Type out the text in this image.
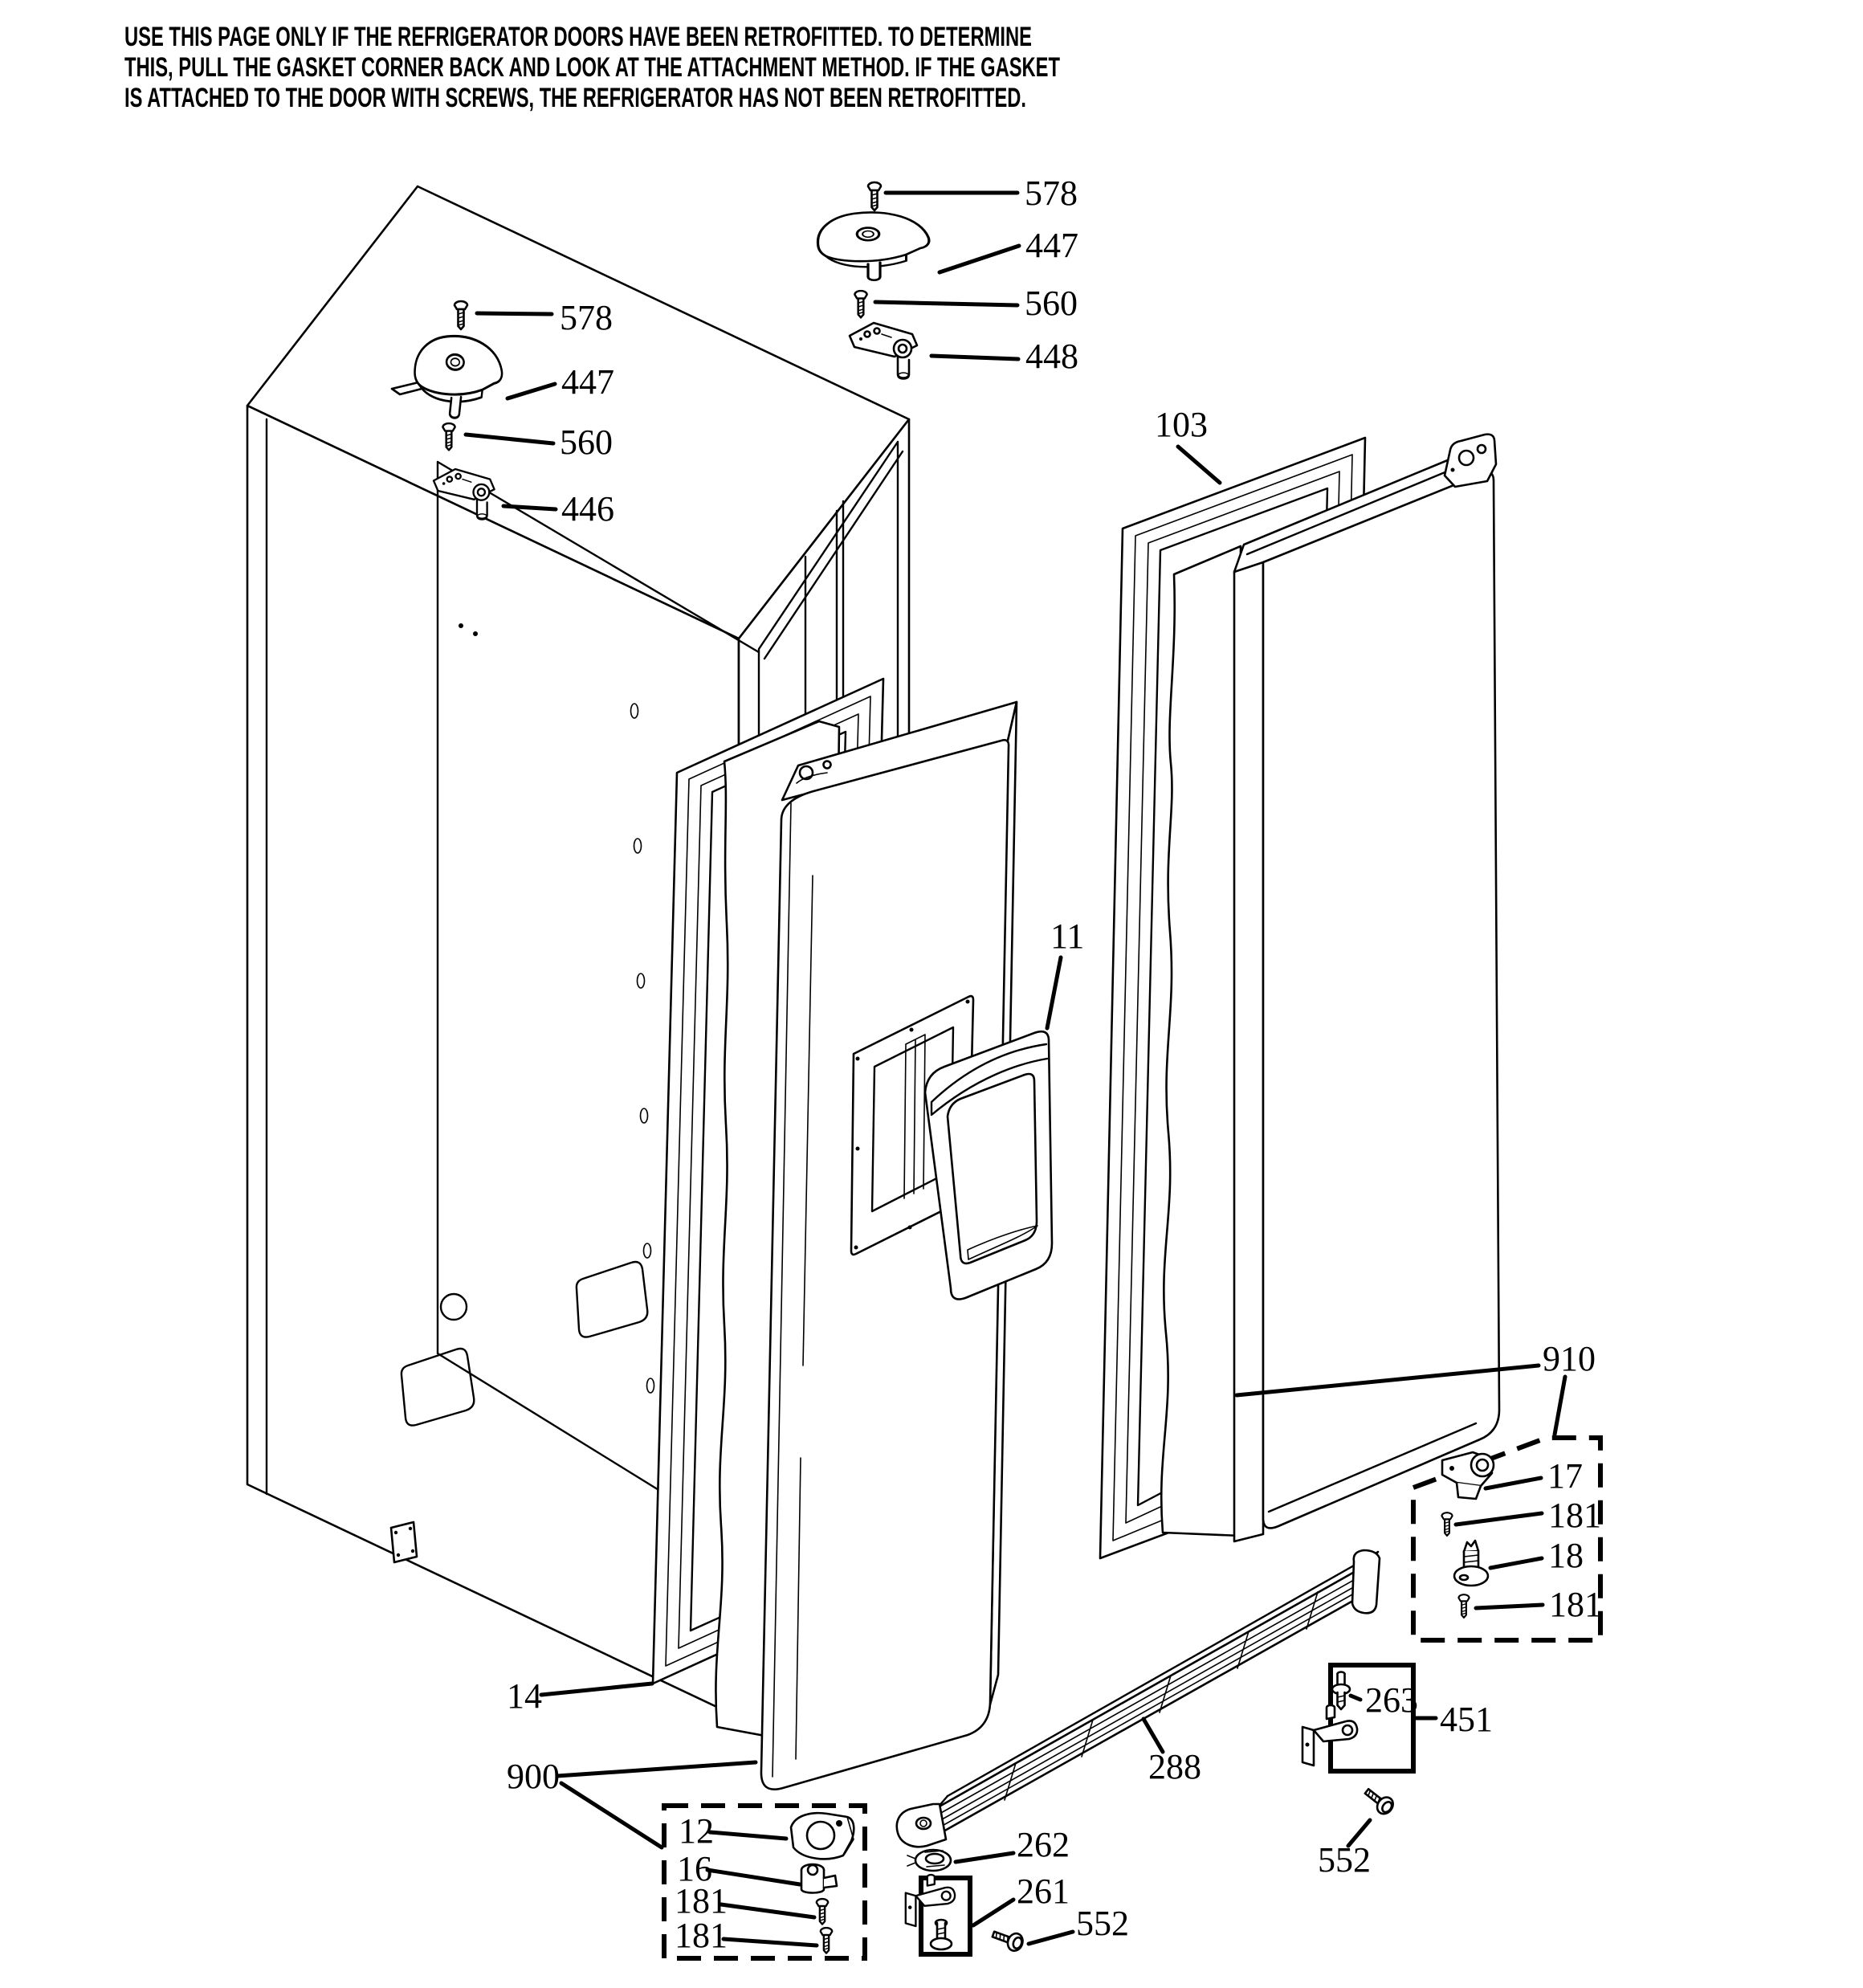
USE THIS PAGE ONLY IF THE REFRIGERATOR DOORS HAVE BEEN RETROFITTED. TO DETERMINE
THIS, PULL THE GASKET CORNER BACK AND LOOK AT THE ATTACHMENT METHOD. IF THE GASKET
IS ATTACHED TO THE DOOR WITH SCREWS, THE REFRIGERATOR HAS NOT BEEN RETROFITTED.
578
447
560
446
578
447
560
448
103
11
910
17
181
18
181
263 451
552
288
262
261
552
14
900
12
16
181
181
